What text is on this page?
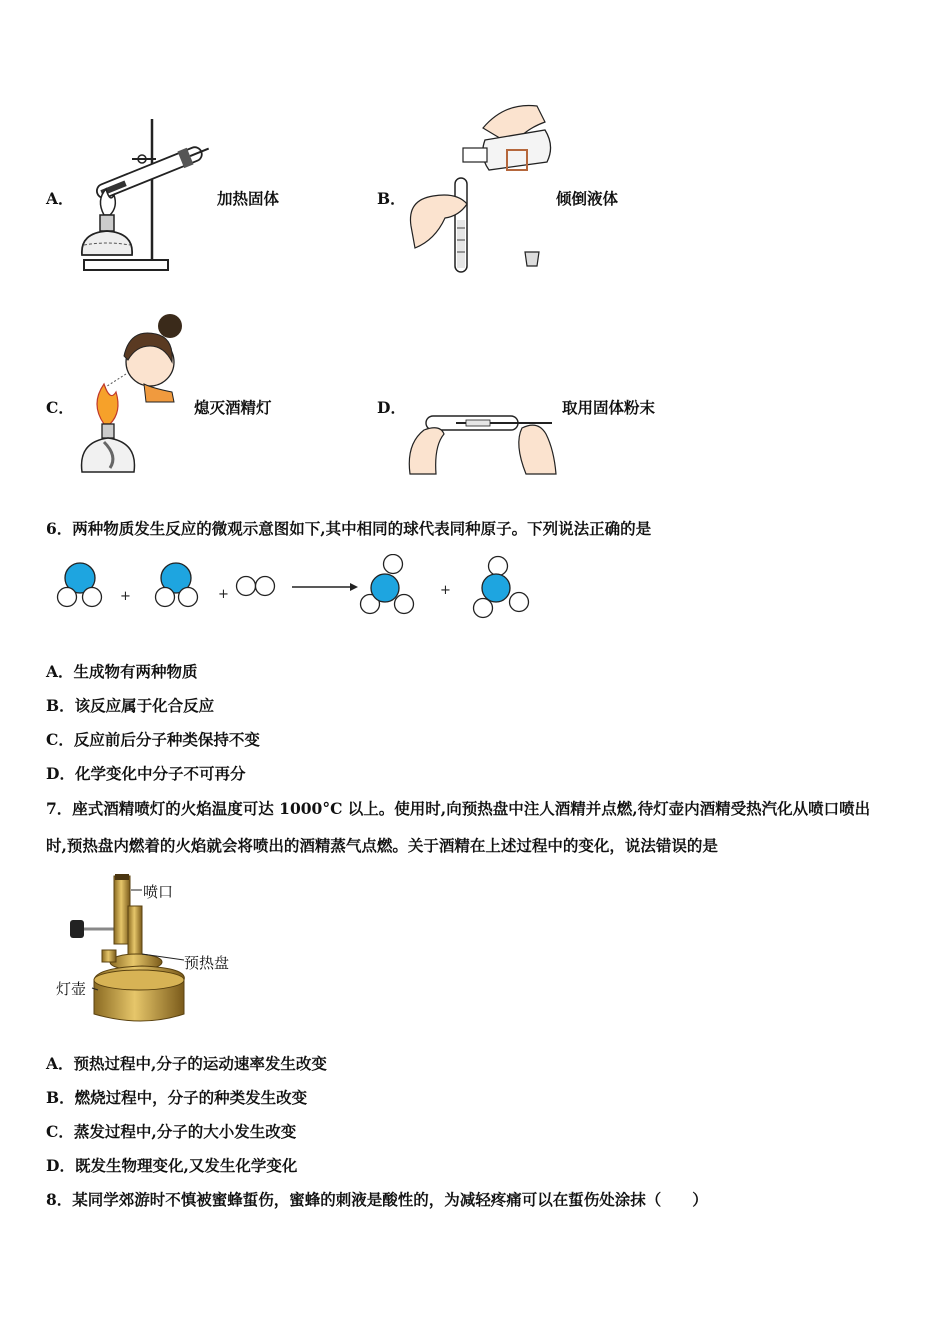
A．	加热固体	B．	倾倒液体
C．	熄灭酒精灯	D．	取用固体粉末
6．两种物质发生反应的微观示意图如下,其中相同的球代表同种原子。下列说法正确的是
+	+	+
A．生成物有两种物质
B．该反应属于化合反应
C．反应前后分子种类保持不变
D．化学变化中分子不可再分
7．座式酒精喷灯的火焰温度可达 1000°C 以上。使用时,向预热盘中注人酒精并点燃,待灯壶内酒精受热汽化从喷口喷出
时,预热盘内燃着的火焰就会将喷出的酒精蒸气点燃。关于酒精在上述过程中的变化，说法错误的是
喷口
预热盘
灯壶
A．预热过程中,分子的运动速率发生改变
B．燃烧过程中，分子的种类发生改变
C．蒸发过程中,分子的大小发生改变
D．既发生物理变化,又发生化学变化
8．某同学郊游时不慎被蜜蜂蜇伤，蜜蜂的刺液是酸性的，为减轻疼痛可以在蜇伤处涂抹（　　）
